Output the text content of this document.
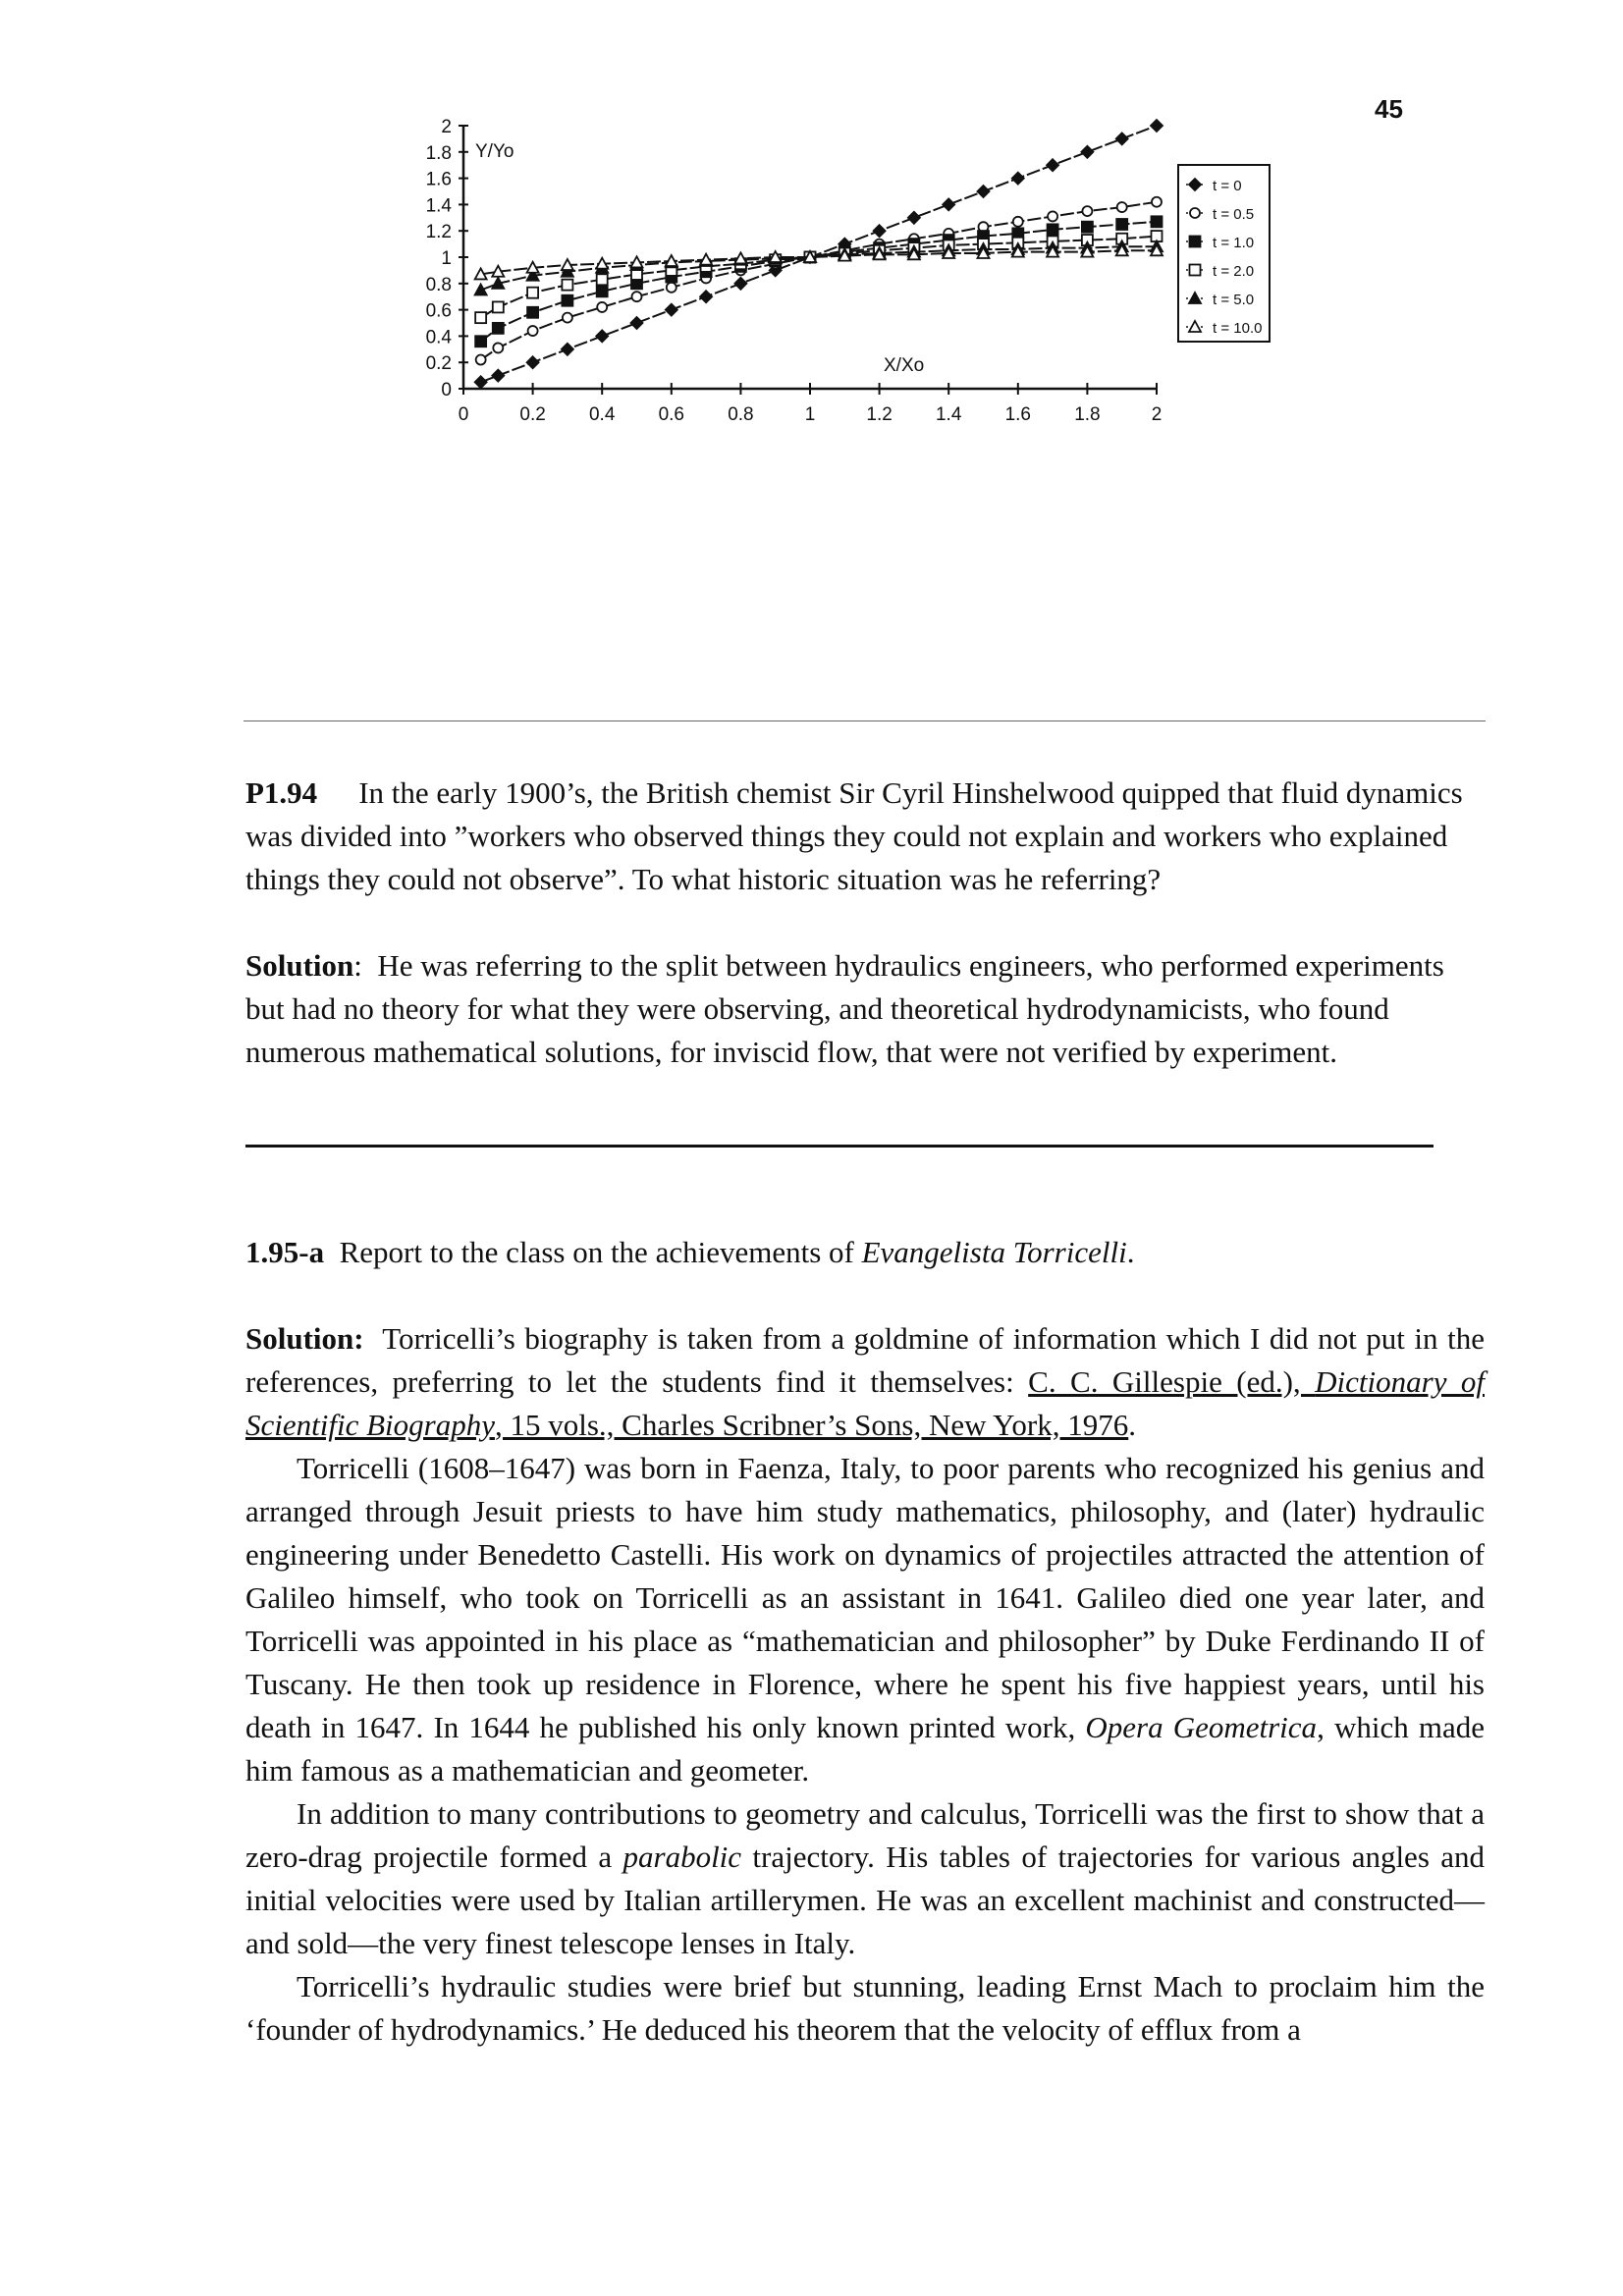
45
0
0.2
0.4
0.6
0.8
1
1.2
1.4
1.6
1.8
2
0	0.2 0.4 0.6 0.8	1	1.2 1.4 1.6 1.8	2
Y/Yo
X/Xo
t = 0
t = 0.5
t = 1.0
t = 2.0
t = 5.0
t = 10.0

P1.94 In the early 1900’s, the British chemist Sir Cyril Hinshelwood quipped that fluid dynamics was divided into ”workers who observed things they could not explain and workers who explained things they could not observe”. To what historic situation was he referring?

Solution: He was referring to the split between hydraulics engineers, who performed experiments but had no theory for what they were observing, and theoretical hydrodynamicists, who found numerous mathematical solutions, for inviscid flow, that were not verified by experiment.

1.95-a Report to the class on the achievements of Evangelista Torricelli.

Solution: Torricelli’s biography is taken from a goldmine of information which I did not put in the references, preferring to let the students find it themselves: C. C. Gillespie (ed.), Dictionary of Scientific Biography, 15 vols., Charles Scribner’s Sons, New York, 1976.

Torricelli (1608–1647) was born in Faenza, Italy, to poor parents who recognized his genius and arranged through Jesuit priests to have him study mathematics, philosophy, and (later) hydraulic engineering under Benedetto Castelli. His work on dynamics of projectiles attracted the attention of Galileo himself, who took on Torricelli as an assistant in 1641. Galileo died one year later, and Torricelli was appointed in his place as “mathematician and philosopher” by Duke Ferdinando II of Tuscany. He then took up residence in Florence, where he spent his five happiest years, until his death in 1647. In 1644 he published his only known printed work, Opera Geometrica, which made him famous as a mathematician and geometer.

In addition to many contributions to geometry and calculus, Torricelli was the first to show that a zero-drag projectile formed a parabolic trajectory. His tables of trajectories for various angles and initial velocities were used by Italian artillerymen. He was an excellent machinist and constructed—and sold—the very finest telescope lenses in Italy.

Torricelli’s hydraulic studies were brief but stunning, leading Ernst Mach to proclaim him the ‘founder of hydrodynamics.’ He deduced his theorem that the velocity of efflux from a
